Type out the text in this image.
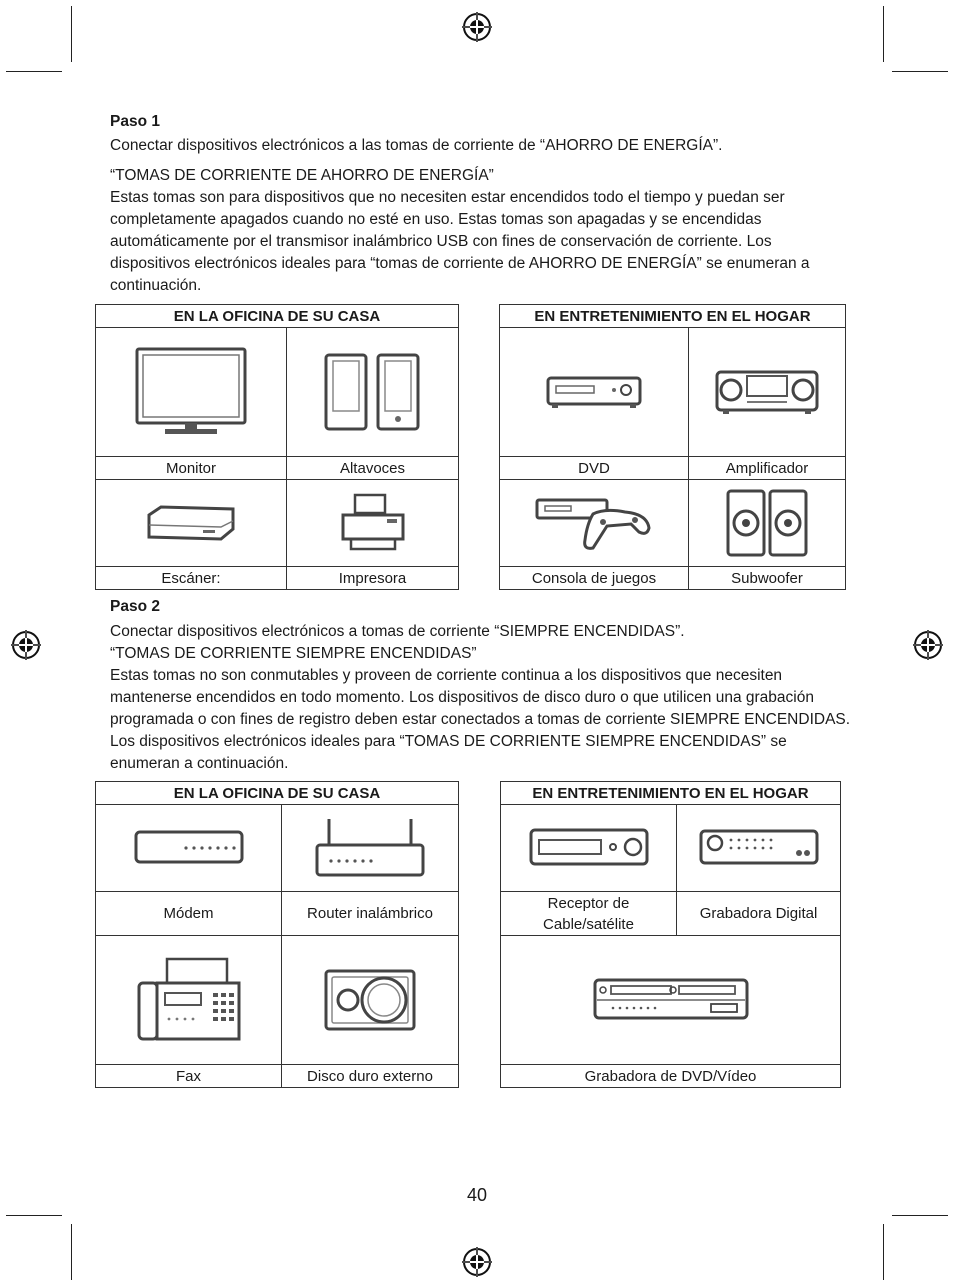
Paso 1

Conectar dispositivos electrónicos a las tomas de corriente de “AHORRO DE ENERGÍA”.

“TOMAS DE CORRIENTE DE AHORRO DE ENERGÍA”

Estas tomas son para dispositivos que no necesiten estar encendidos todo el tiempo y puedan ser completamente apagados cuando no esté en uso. Estas tomas son apagadas y se encendidas automáticamente por el transmisor inalámbrico USB con fines de conservación de corriente. Los dispositivos electrónicos ideales para “tomas de corriente de AHORRO DE ENERGÍA” se enumeran a continuación.

EN LA OFICINA DE SU CASA	

Monitor	Altavoces

Escáner:	Impresora
EN ENTRETENIMIENTO EN EL HOGAR	

DVD	Amplificador

Consola de juegos	Subwoofer

Paso 2

Conectar dispositivos electrónicos a tomas de corriente “SIEMPRE ENCENDIDAS”.

“TOMAS DE CORRIENTE SIEMPRE ENCENDIDAS”

Estas tomas no son conmutables y proveen de corriente continua a los dispositivos que necesiten mantenerse encendidos en todo momento. Los dispositivos de disco duro o que utilicen una grabación programada o con fines de registro deben estar conectados a tomas de corriente SIEMPRE ENCENDIDAS. Los dispositivos electrónicos ideales para “TOMAS DE CORRIENTE SIEMPRE ENCENDIDAS” se enumeran a continuación.

EN LA OFICINA DE SU CASA	

Módem	Router inalámbrico

Fax	Disco duro externo
EN ENTRETENIMIENTO EN EL HOGAR	

Receptor de Cable/satélite	Grabadora Digital

Grabadora de DVD/Vídeo	
40
